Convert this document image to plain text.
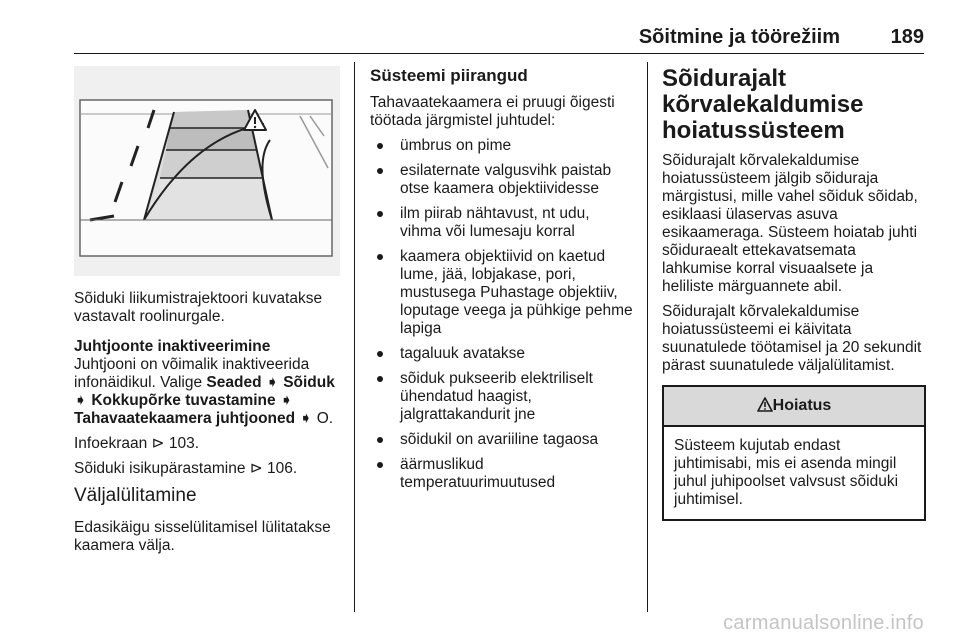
Sõitmine ja töörežiim	189

Sõiduki liikumistrajektoori kuvatakse vastavalt roolinurgale.

Juhtjoonte inaktiveerimine

Juhtjooni on võimalik inaktiveerida infonäidikul. Valige Seaded ➧ Sõiduk ➧ Kokkupõrke tuvastamine ➧ Tahavaatekaamera juhtjooned ➧ O.

Infoekraan ⊳ 103.

Sõiduki isikupärastamine ⊳ 106.

Väljalülitamine

Edasikäigu sisselülitamisel lülitatakse kaamera välja.

Süsteemi piirangud

Tahavaatekaamera ei pruugi õigesti töötada järgmistel juhtudel:

ümbrus on pime
esilaternate valgusvihk paistab otse kaamera objektiividesse
ilm piirab nähtavust, nt udu, vihma või lumesaju korral
kaamera objektiivid on kaetud lume, jää, lobjakase, pori, mustusega Puhastage objektiiv, loputage veega ja pühkige pehme lapiga
tagaluuk avatakse
sõiduk pukseerib elektriliselt ühendatud haagist, jalgrattakandurit jne
sõidukil on avariiline tagaosa
äärmuslikud temperatuurimuutused
Sõidurajalt kõrvalekaldumise hoiatussüsteem

Sõidurajalt kõrvalekaldumise hoiatussüsteem jälgib sõiduraja märgistusi, mille vahel sõiduk sõidab, esiklaasi ülaservas asuva esikaameraga. Süsteem hoiatab juhti sõiduraealt ettekavatsemata lahkumise korral visuaalsete ja heliliste märguannete abil.

Sõidurajalt kõrvalekaldumise hoiatussüsteemi ei käivitata suunatulede töötamisel ja 20 sekundit pärast suunatulede väljalülitamist.

Hoiatus
Süsteem kujutab endast juhtimisabi, mis ei asenda mingil juhul juhipoolset valvsust sõiduki juhtimisel.
carmanualsonline.info
